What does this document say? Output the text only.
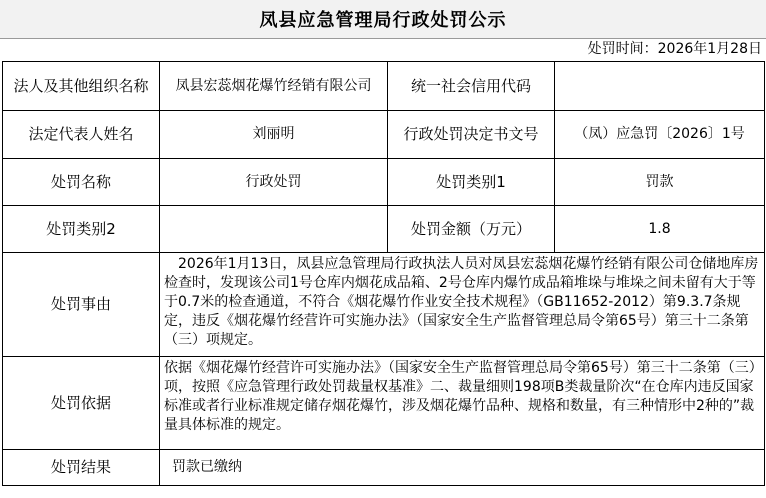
凤县应急管理局行政处罚公示
处罚时间：2026年1月28日
法人及其他组织名称	凤县宏蕊烟花爆竹经销有限公司	统一社会信用代码	
法定代表人姓名	刘丽明	行政处罚决定书文号	（凤）应急罚〔2026〕1号
处罚名称	行政处罚	处罚类别1	罚款
处罚类别2		处罚金额（万元）	1.8
处罚事由	　2026年1月13日，凤县应急管理局行政执法人员对凤县宏蕊烟花爆竹经销有限公司仓储地库房检查时，发现该公司1号仓库内烟花成品箱、2号仓库内爆竹成品箱堆垛与堆垛之间未留有大于等于0.7米的检查通道，不符合《烟花爆竹作业安全技术规程》（GB11652-2012）第9.3.7条规定，违反《烟花爆竹经营许可实施办法》（国家安全生产监督管理总局令第65号）第三十二条第（三）项规定。		
处罚依据	依据《烟花爆竹经营许可实施办法》（国家安全生产监督管理总局令第65号）第三十二条第（三）项，按照《应急管理行政处罚裁量权基准》二、裁量细则198项B类裁量阶次“在仓库内违反国家标准或者行业标准规定储存烟花爆竹，涉及烟花爆竹品种、规格和数量，有三种情形中2种的”裁量具体标准的规定。		
处罚结果	罚款已缴纳		
